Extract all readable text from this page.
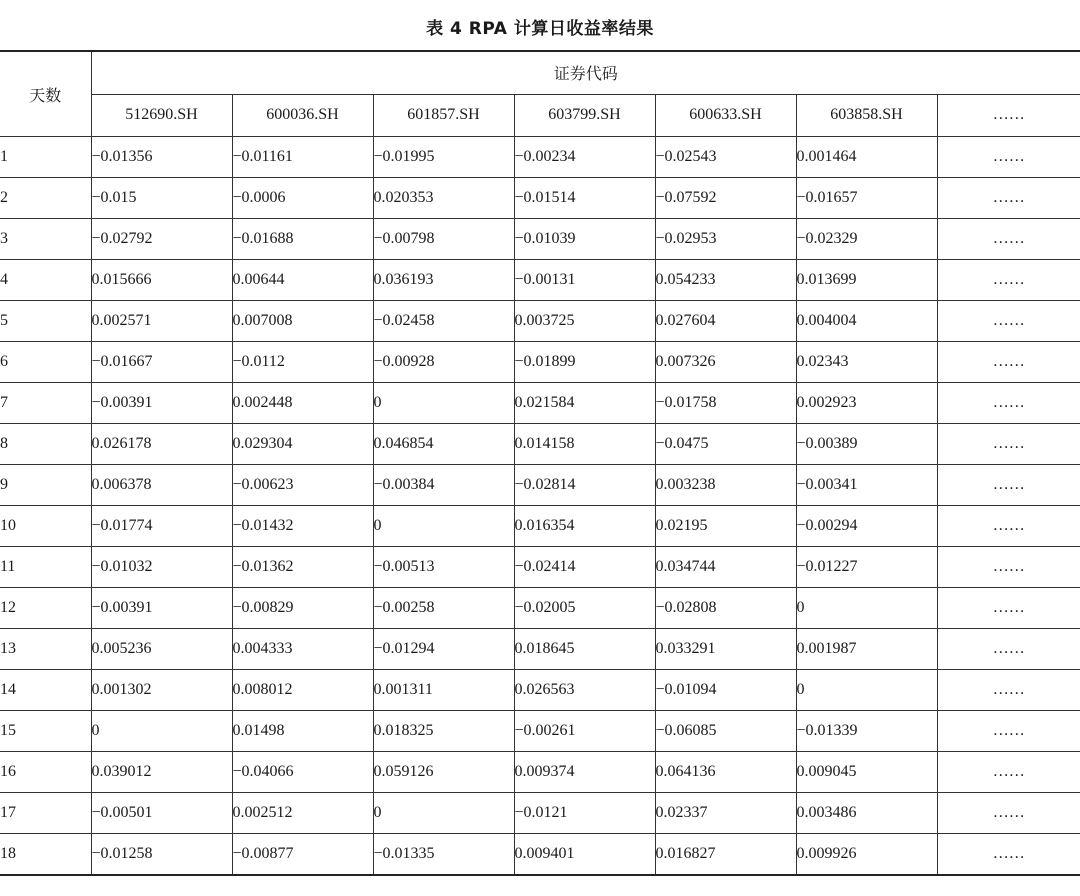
表 4 RPA 计算日收益率结果
天数	证券代码						
	512690.SH	600036.SH	601857.SH	603799.SH	600633.SH	603858.SH	……
1	−0.01356	−0.01161	−0.01995	−0.00234	−0.02543	0.001464	……
2	−0.015	−0.0006	0.020353	−0.01514	−0.07592	−0.01657	……
3	−0.02792	−0.01688	−0.00798	−0.01039	−0.02953	−0.02329	……
4	0.015666	0.00644	0.036193	−0.00131	0.054233	0.013699	……
5	0.002571	0.007008	−0.02458	0.003725	0.027604	0.004004	……
6	−0.01667	−0.0112	−0.00928	−0.01899	0.007326	0.02343	……
7	−0.00391	0.002448	0	0.021584	−0.01758	0.002923	……
8	0.026178	0.029304	0.046854	0.014158	−0.0475	−0.00389	……
9	0.006378	−0.00623	−0.00384	−0.02814	0.003238	−0.00341	……
10	−0.01774	−0.01432	0	0.016354	0.02195	−0.00294	……
11	−0.01032	−0.01362	−0.00513	−0.02414	0.034744	−0.01227	……
12	−0.00391	−0.00829	−0.00258	−0.02005	−0.02808	0	……
13	0.005236	0.004333	−0.01294	0.018645	0.033291	0.001987	……
14	0.001302	0.008012	0.001311	0.026563	−0.01094	0	……
15	0	0.01498	0.018325	−0.00261	−0.06085	−0.01339	……
16	0.039012	−0.04066	0.059126	0.009374	0.064136	0.009045	……
17	−0.00501	0.002512	0	−0.0121	0.02337	0.003486	……
18	−0.01258	−0.00877	−0.01335	0.009401	0.016827	0.009926	……
